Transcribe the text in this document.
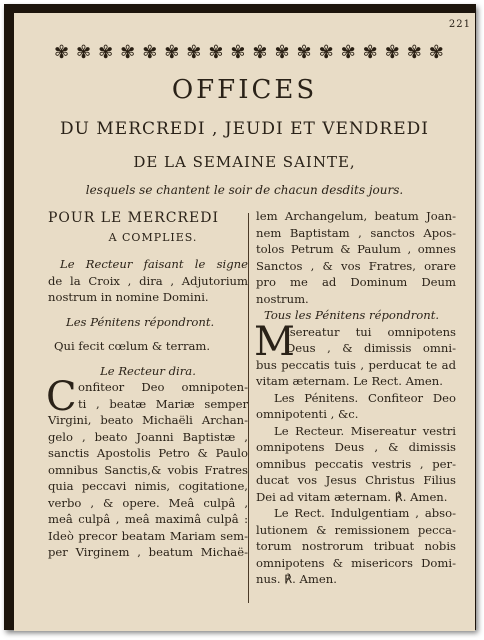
221
✾ ✾ ✾ ✾ ✾ ✾ ✾ ✾ ✾ ✾ ✾ ✾ ✾ ✾ ✾ ✾ ✾ ✾
OFFICES
DU MERCREDI , JEUDI ET VENDREDI
DE LA SEMAINE SAINTE,
lesquels se chantent le soir de chacun desdits jours.
POUR LE MERCREDI
A COMPLIES.
Le Recteur faisant le signe
de la Croix , dira , Adjutorium
nostrum in nomine Domini.
Les Pénitens répondront.
Qui fecit cœlum & terram.
Le Recteur dira.
C onfiteor Deo omnipoten-
ti , beatæ Mariæ semper
Virgini, beato Michaëli Archan-
gelo , beato Joanni Baptistæ ,
sanctis Apostolis Petro & Paulo
omnibus Sanctis,& vobis Fratres
quia peccavi nimis, cogitatione,
verbo , & opere. Meâ culpâ ,
meâ culpâ , meâ maximâ culpâ :
Ideò precor beatam Mariam sem-
per Virginem , beatum Michaë-
lem Archangelum, beatum Joan-
nem Baptistam , sanctos Apos-
tolos Petrum & Paulum , omnes
Sanctos , & vos Fratres, orare
pro me ad Dominum Deum
nostrum.
Tous les Pénitens répondront.
M
isereatur tui omnipotens
Deus , & dimissis omni-
bus peccatis tuis , perducat te ad
vitam æternam. Le Rect. Amen.
Les Pénitens. Confiteor Deo
omnipotenti , &c.
Le Recteur. Misereatur vestri
omnipotens Deus , & dimissis
omnibus peccatis vestris , per-
ducat vos Jesus Christus Filius
Dei ad vitam æternam. ℟. Amen.
Le Rect. Indulgentiam , abso-
lutionem & remissionem pecca-
torum nostrorum tribuat nobis
omnipotens & misericors Domi-
nus. ℟. Amen.
